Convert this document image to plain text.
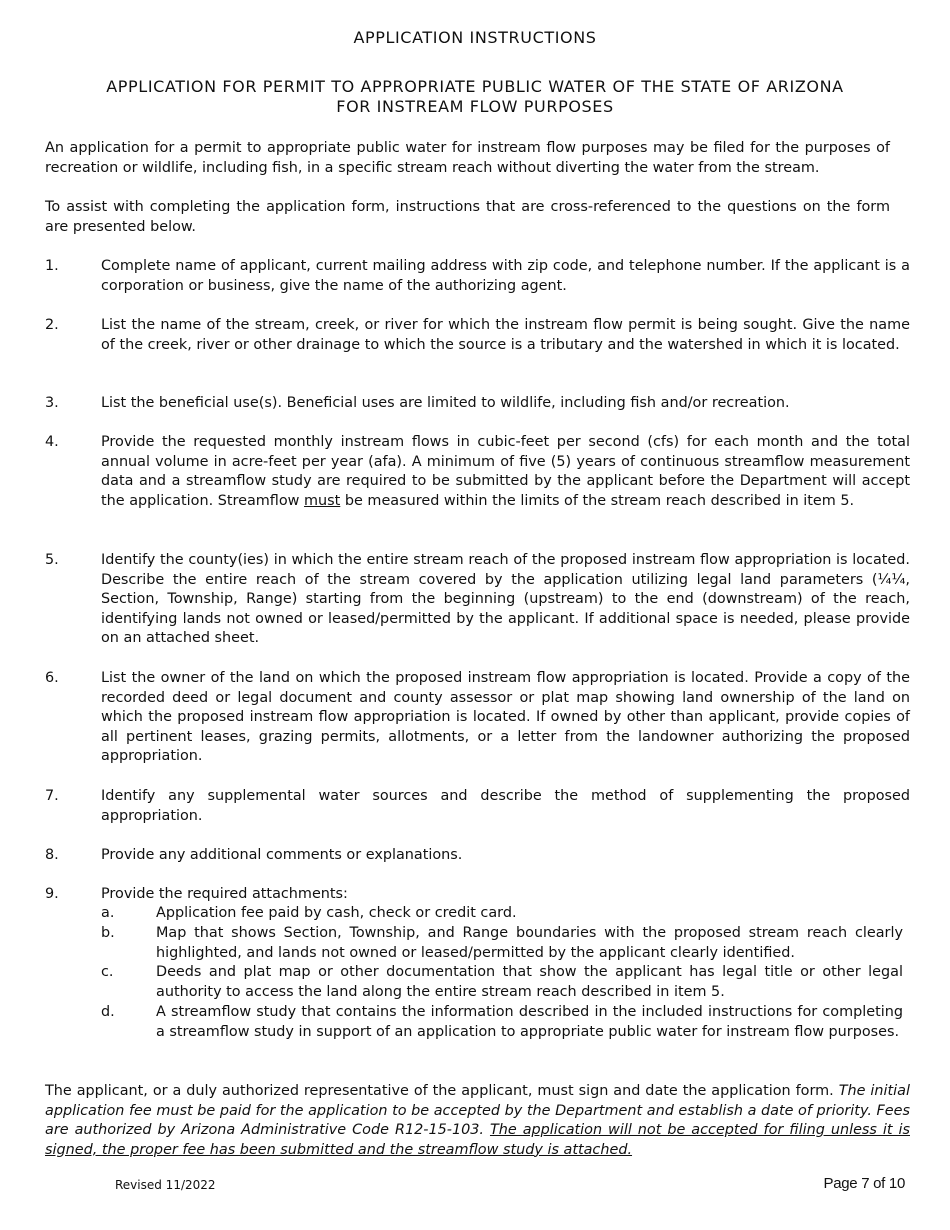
APPLICATION INSTRUCTIONS
APPLICATION FOR PERMIT TO APPROPRIATE PUBLIC WATER OF THE STATE OF ARIZONA
FOR INSTREAM FLOW PURPOSES
An application for a permit to appropriate public water for instream flow purposes may be filed for the purposes of recreation or wildlife, including fish, in a specific stream reach without diverting the water from the stream.
To assist with completing the application form, instructions that are cross-referenced to the questions on the form are presented below.
1.	Complete name of applicant, current mailing address with zip code, and telephone number. If the applicant is a corporation or business, give the name of the authorizing agent.
2.	List the name of the stream, creek, or river for which the instream flow permit is being sought. Give the name of the creek, river or other drainage to which the source is a tributary and the watershed in which it is located.
3.	List the beneficial use(s). Beneficial uses are limited to wildlife, including fish and/or recreation.
4.	Provide the requested monthly instream flows in cubic-feet per second (cfs) for each month and the total annual volume in acre-feet per year (afa). A minimum of five (5) years of continuous streamflow measurement data and a streamflow study are required to be submitted by the applicant before the Department will accept the application. Streamflow must be measured within the limits of the stream reach described in item 5.
5.	Identify the county(ies) in which the entire stream reach of the proposed instream flow appropriation is located. Describe the entire reach of the stream covered by the application utilizing legal land parameters (¼¼, Section, Township, Range) starting from the beginning (upstream) to the end (downstream) of the reach, identifying lands not owned or leased/permitted by the applicant. If additional space is needed, please provide on an attached sheet.
6.	List the owner of the land on which the proposed instream flow appropriation is located. Provide a copy of the recorded deed or legal document and county assessor or plat map showing land ownership of the land on which the proposed instream flow appropriation is located. If owned by other than applicant, provide copies of all pertinent leases, grazing permits, allotments, or a letter from the landowner authorizing the proposed appropriation.
7.	Identify any supplemental water sources and describe the method of supplementing the proposed appropriation.
8.	Provide any additional comments or explanations.
9.	Provide the required attachments:
a.	Application fee paid by cash, check or credit card.
b.	Map that shows Section, Township, and Range boundaries with the proposed stream reach clearly highlighted, and lands not owned or leased/permitted by the applicant clearly identified.
c.	Deeds and plat map or other documentation that show the applicant has legal title or other legal authority to access the land along the entire stream reach described in item 5.
d.	A streamflow study that contains the information described in the included instructions for completing a streamflow study in support of an application to appropriate public water for instream flow purposes.
The applicant, or a duly authorized representative of the applicant, must sign and date the application form. The initial application fee must be paid for the application to be accepted by the Department and establish a date of priority. Fees are authorized by Arizona Administrative Code R12-15-103. The application will not be accepted for filing unless it is signed, the proper fee has been submitted and the streamflow study is attached.
Revised 11/2022	Page 7 of 10
